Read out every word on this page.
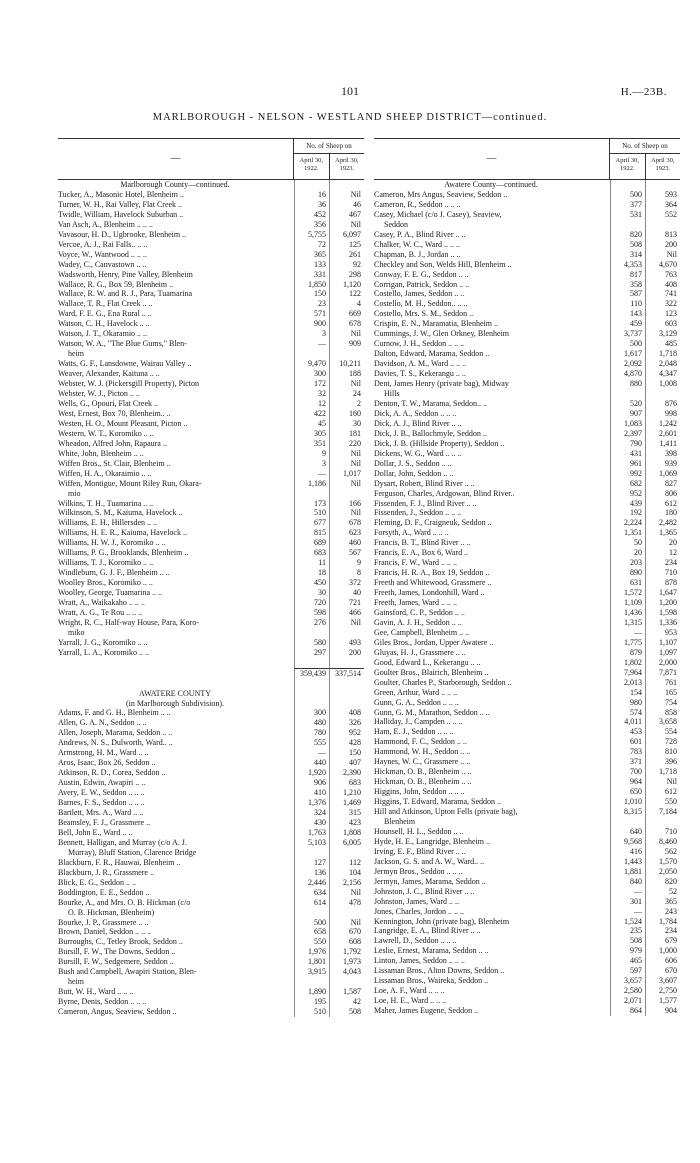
101	H.—23B.
MARLBOROUGH - NELSON - WESTLAND SHEEP DISTRICT—continued.
—
No. of Sheep on
April 30, 1922.
April 30, 1923.
Marlborough County—continued.
Tucker, A., Masonic Hotel, Blenheim ..	16	Nil
Turner, W. H., Rai Valley, Flat Creek ..	36	46
Twidle, William, Havelock Suburban ..	452	467
Van Asch, A., Blenheim .. .. ..	356	Nil
Vavasour, H. D., Ugbrooke, Blenheim ..	5,755	6,097
Vercoe, A. J., Rai Falls.. .. ..	72	125
Voyce, W., Wantwood .. .. ..	365	261
Wadey, C., Canvastown .. ..	133	92
Wadsworth, Henry, Pine Valley, Blenheim	331	298
Wallace, R. G., Box 59, Blenheim ..	1,850	1,120
Wallace, R. W. and R. J., Para, Tuamarina	150	122
Wallace, T. R., Flat Creek .. ..	23	4
Ward, F. E. G., Ena Rural .. ..	571	669
Watson, C. H., Havelock .. ..	900	678
Watson, J. T., Okaramio .. ..	3	Nil
Watson, W. A., "The Blue Gums," Blen-	—	909
heim
Watts, G. F., Lansdowne, Wairau Valley ..	9,470	10,211
Weaver, Alexander, Kaituna .. ..	300	188
Webster, W. J. (Pickersgill Property), Picton	172	Nil
Webster, W. J., Picton .. ..	32	24
Wells, G., Opouri, Flat Creek ..	12	2
West, Ernest, Box 70, Blenheim.. ..	422	160
Westen, H. O., Mount Pleasant, Picton ..	45	30
Western, W. T., Koromiko .. ..	305	181
Wheadon, Alfred John, Rapaura ..	351	220
White, John, Blenheim .. ..	9	Nil
Wiffen Bros., St. Clair, Blenheim ..	3	Nil
Wiffen, H. A., Okaraimio .. ..	—	1,017
Wiffen, Montigue, Mount Riley Run, Okara-	1,186	Nil
mio
Wilkins, T. H., Tuamarina .. ..	173	166
Wilkinson, S. M., Kaiuma, Havelock ..	510	Nil
Williams, E. H., Hillersden .. ..	677	678
Williams, H. E. R., Kaiuma, Havelock ..	815	623
Williams, H. W. J., Koromiko .. ..	689	460
Williams, P. G., Brooklands, Blenheim ..	683	567
Williams, T. J., Koromiko .. ..	11	9
Windleburn, G. J. F., Blenheim .. ..	18	8
Woolley Bros., Koromiko .. ..	450	372
Woolley, George, Tuamarina .. ..	30	40
Wratt, A., Waikakaho .. .. ..	720	721
Wratt, A. G., Te Rou .. .. ..	598	466
Wright, R. C., Half-way House, Para, Koro-	276	Nil
miko
Yarrall, J. G., Koromiko .. ..	580	493
Yarrall, L. A., Koromiko .. ..	297	200
359,439	337,514
AWATERE COUNTY
(in Marlborough Subdivision).
Adams, F. and G. H., Blenheim .. ..	300	408
Allen, G. A. N., Seddon .. ..	480	326
Allen, Joseph, Marama, Seddon .. ..	780	952
Andrews, N. S., Dulworth, Ward.. ..	555	428
Armstrong, H. M., Ward .. ..	—	150
Aros, Isaac, Box 26, Seddon ..	440	407
Atkinson, R. D., Corea, Seddon ..	1,920	2,390
Austin, Edwin, Awapiri .. ..	906	683
Avery, E. W., Seddon .. .. ..	410	1,210
Barnes, F. S., Seddon .. .. ..	1,376	1,469
Bartlett, Mrs. A., Ward .. ..	324	315
Beamsley, F. J., Grassmere ..	430	423
Bell, John E., Ward .. ..	1,763	1,808
Bennett, Halligan, and Murray (c/o A. J.	5,103	6,005
Murray), Bluff Station, Clarence Bridge
Blackburn, F. R., Hauwai, Blenheim ..	127	112
Blackburn, J. R., Grassmere ..	136	104
Blick, E. G., Seddon .. ..	2,446	2,156
Boddington, E. E., Seddon ..	634	Nil
Bourke, A., and Mrs. O. B. Hickman (c/o	614	478
O. B. Hickman, Blenheim)
Bourke, J. P., Grassmere .. ..	500	Nil
Brown, Daniel, Seddon .. .. ..	658	670
Burroughs, C., Tetley Brook, Seddon ..	550	608
Bursill, F. W., The Downs, Seddon ..	1,976	1,792
Bursill, F. W., Sedgemere, Seddon ..	1,801	1,973
Bush and Campbell, Awapiri Station, Blen-	3,915	4,043
heim
Butt, W. H., Ward .. .. ..	1,890	1,587
Byrne, Denis, Seddon .. .. ..	195	42
Cameron, Angus, Seaview, Seddon ..	510	508
—
No. of Sheep on
April 30, 1922.
April 30, 1923.
Awatere County—continued.
Cameron, Mrs Angus, Seaview, Seddon ..	500	593
Cameron, R., Seddon .. .. ..	377	364
Casey, Michael (c/o J. Casey), Seaview,	531	552
Seddon
Casey, P. A., Blind River .. ..	820	813
Chalker, W. C., Ward .. .. ..	508	200
Chapman, B. J., Jordan .. ..	314	Nil
Checkley and Son, Welds Hill, Blenheim ..	4,353	4,670
Conway, F. E. G., Seddon .. ..	817	763
Corrigan, Patrick, Seddon .. ..	358	408
Costello, James, Seddon .. ..	587	741
Costello, M. H., Seddon.. .. ..	110	322
Costello, Mrs. S. M., Seddon ..	143	123
Crispin, E. N., Maramatia, Blenheim ..	459	603
Cummings, J. W., Glen Orkney, Blenheim	3,737	3,129
Curnow, J. H., Seddon .. .. ..	500	485
Dalton, Edward, Marama, Seddon ..	1,617	1,718
Davidson, A. M., Ward .. .. ..	2,092	2,048
Davies, T. S., Kekerangu .. ..	4,870	4,347
Dent, James Henry (private bag), Midway	880	1,008
Hills
Denton, T. W., Marama, Seddon.. ..	520	876
Dick, A. A., Seddon .. .. ..	907	998
Dick, A. J., Blind River .. ..	1,083	1,242
Dick, J. B., Ballochmyle, Seddon ..	2,397	2,601
Dick, J. B. (Hillside Property), Seddon ..	790	1,411
Dickens, W. G., Ward .. .. ..	431	398
Dollar, J. S., Seddon .. ..	961	939
Dollar, John, Seddon .. ..	992	1,069
Dysart, Robert, Blind River .. ..	682	827
Ferguson, Charles, Ardgowan, Blind River..	952	806
Fissenden, F. J., Blind River .. ..	439	612
Fissenden, J., Seddon .. .. ..	192	180
Fleming, D. F., Craigneuk, Seddon ..	2,224	2,482
Forsyth, A., Ward .. .. ..	1,351	1,365
Francis, B. T., Blind River .. ..	50	20
Francis, E. A., Box 6, Ward ..	20	12
Francis, F. W., Ward .. .. ..	203	234
Francis, H. R. A., Box 19, Seddon ..	890	710
Freeth and Whitewood, Grassmere ..	631	878
Freeth, James, Londonhill, Ward ..	1,572	1,647
Freeth, James, Ward .. .. ..	1,109	1,200
Gainsford, C. P., Seddon .. ..	1,436	1,598
Gavin, A. J. H., Seddon .. ..	1,315	1,336
Gee, Campbell, Blenheim .. ..	—	953
Giles Bros., Jordan, Upper Awatere ..	1,775	1,107
Gluyas, H. J., Grassmere .. ..	879	1,097
Good, Edward L., Kekerangu .. ..	1,802	2,000
Goulter Bros., Blairich, Blenheim ..	7,964	7,871
Goulter, Charles P., Starborough, Seddon ..	2,013	761
Green, Arthur, Ward .. .. ..	154	165
Gunn, G. A., Seddon .. .. ..	980	754
Gunn, G. M., Marathon, Seddon .. ..	574	858
Halliday, J., Campden .. .. ..	4,011	3,658
Ham, E. J., Seddon .. .. ..	453	554
Hammond, F. C., Seddon .. ..	601	728
Hammond, W. H., Seddon .. ..	783	810
Haynes, W. C., Grassmere .. ..	371	396
Hickman, O. B., Blenheim .. ..	700	1,718
Hickman, O. B., Blenheim .. ..	964	Nil
Higgins, John, Seddon .. .. ..	650	612
Higgins, T. Edward, Marama, Seddon ..	1,010	550
Hill and Atkinson, Upton Fells (private bag),	8,315	7,184
Blenheim
Hounsell, H. L., Seddon .. ..	640	710
Hyde, H. E., Langridge, Blenheim ..	9,568	8,460
Irving, E. F., Blind River .. ..	416	562
Jackson, G. S. and A. W., Ward.. ..	1,443	1,570
Jermyn Bros., Seddon .. .. ..	1,881	2,050
Jermyn, James, Marama, Seddon ..	840	820
Johnston, J. C., Blind River .. ..	—	52
Johnston, James, Ward .. ..	301	365
Jones, Charles, Jordon .. .. ..	—	243
Kennington, John (private bag), Blenheim	1,524	1,784
Langridge, E. A., Blind River .. ..	235	234
Lawrell, D., Seddon .. .. ..	508	679
Leslie, Ernest, Marama, Seddon .. ..	979	1,000
Linton, James, Seddon .. .. ..	465	606
Lissaman Bros., Alton Downs, Seddon ..	597	670
Lissaman Bros., Waireka, Seddon ..	3,657	3,607
Loe, A. F., Ward .. .. ..	2,580	2,750
Loe, H. E., Ward .. .. ..	2,071	1,577
Maher, James Eugene, Seddon ..	864	904
